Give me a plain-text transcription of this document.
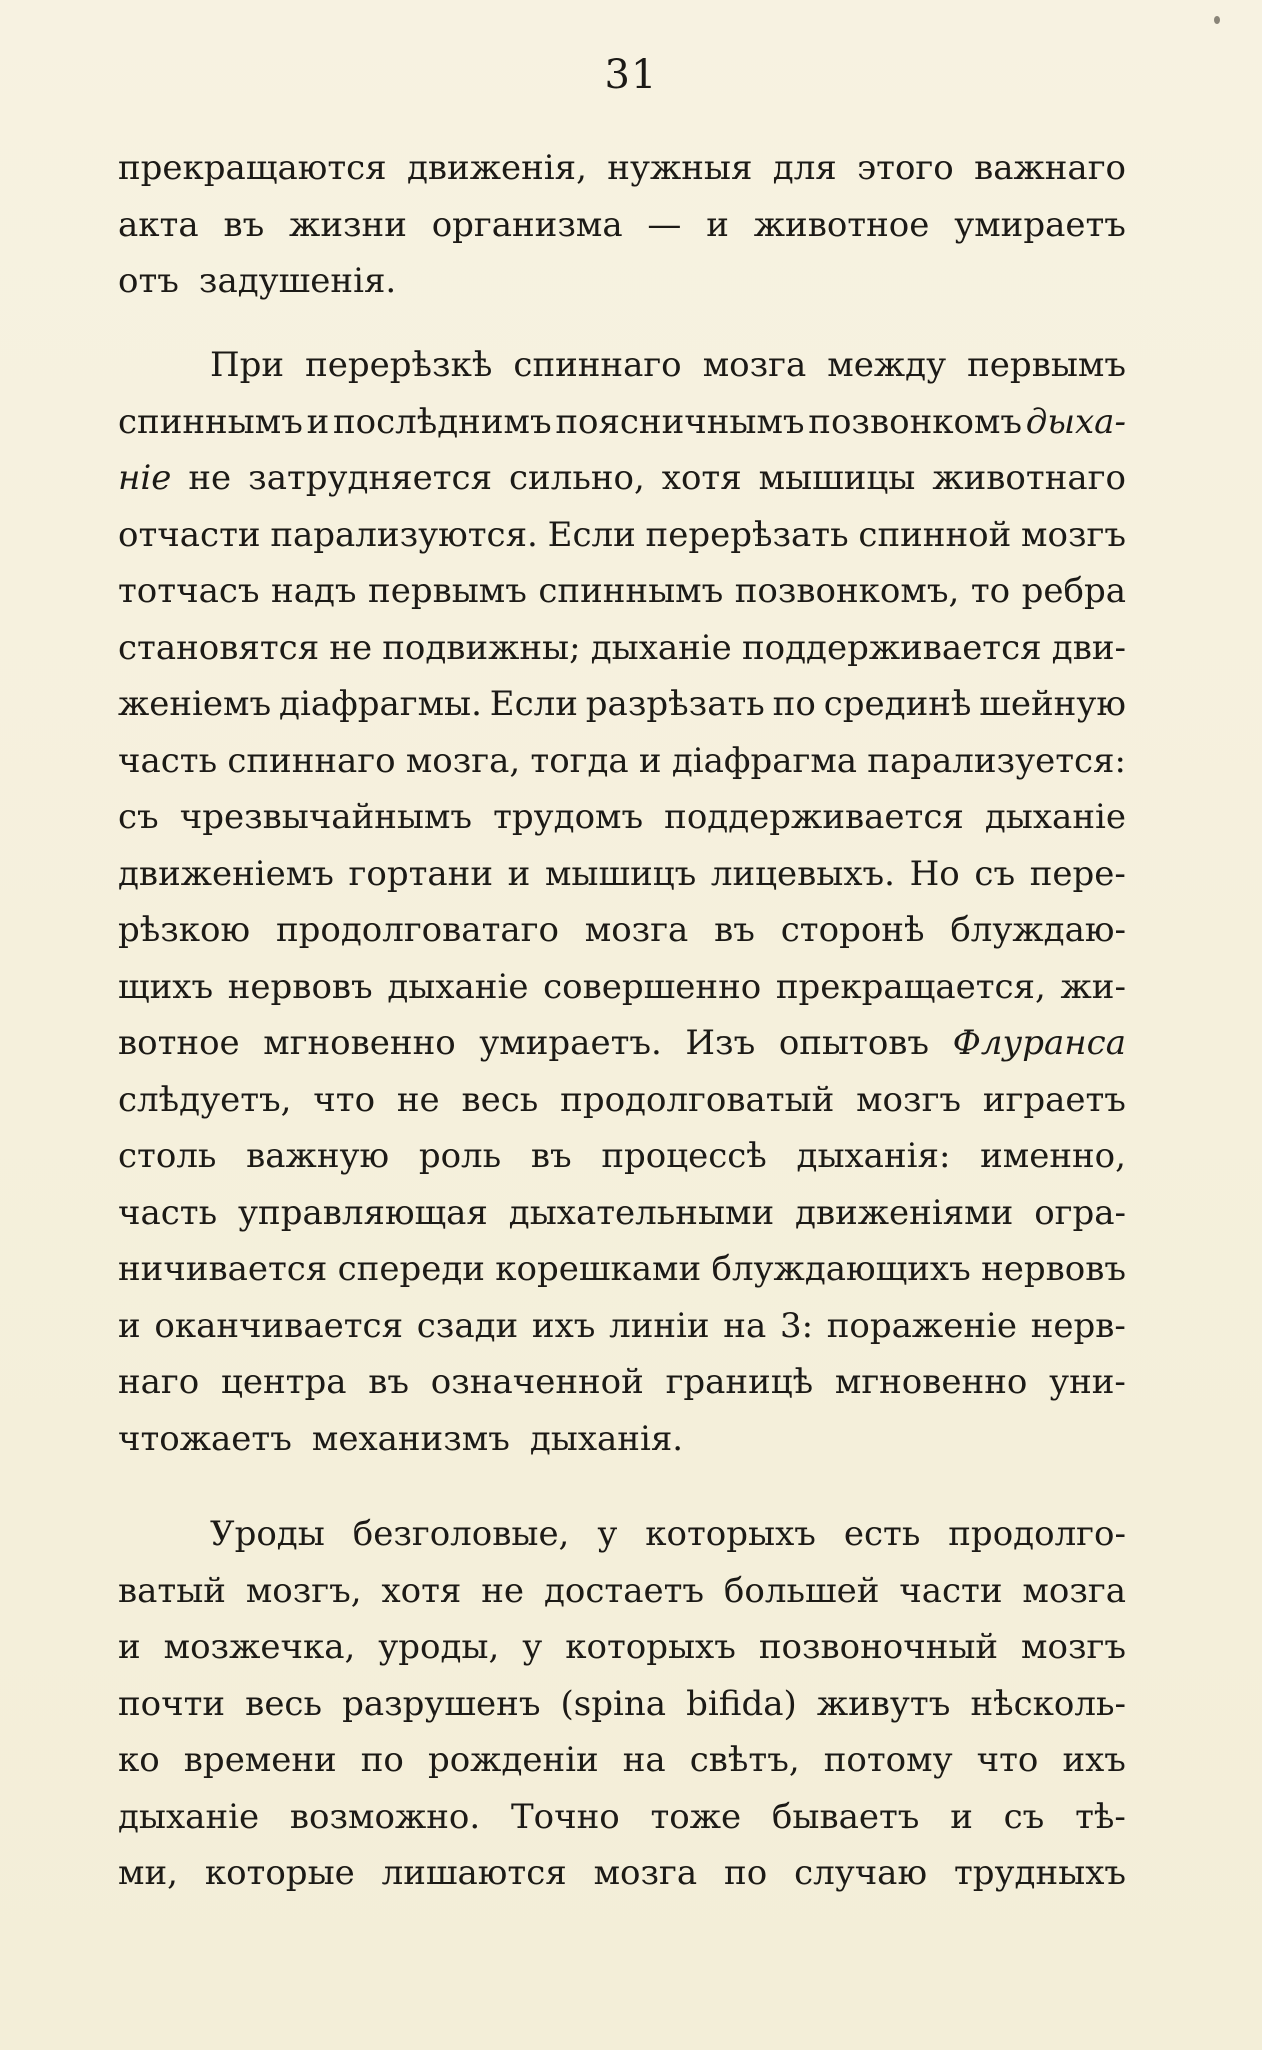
31
прекращаются движенія, нужныя для этого важнаго
акта въ жизни организма — и животное умираетъ
отъ задушенія.
При перерѣзкѣ спиннаго мозга между первымъ
спиннымъ и послѣднимъ поясничнымъ позвонкомъ дыха-
ніе не затрудняется сильно, хотя мышицы животнаго
отчасти парализуются. Если перерѣзать спинной мозгъ
тотчасъ надъ первымъ спиннымъ позвонкомъ, то ребра
становятся не подвижны; дыханіе поддерживается дви-
женіемъ діафрагмы. Если разрѣзать по срединѣ шейную
часть спиннаго мозга, тогда и діафрагма парализуется:
съ чрезвычайнымъ трудомъ поддерживается дыханіе
движеніемъ гортани и мышицъ лицевыхъ. Но съ пере-
рѣзкою продолговатаго мозга въ сторонѣ блуждаю-
щихъ нервовъ дыханіе совершенно прекращается, жи-
вотное мгновенно умираетъ. Изъ опытовъ Флуранса
слѣдуетъ, что не весь продолговатый мозгъ играетъ
столь важную роль въ процессѣ дыханія: именно,
часть управляющая дыхательными движеніями огра-
ничивается спереди корешками блуждающихъ нервовъ
и оканчивается сзади ихъ линіи на 3: пораженіе нерв-
наго центра въ означенной границѣ мгновенно уни-
чтожаетъ механизмъ дыханія.
Уроды безголовые, у которыхъ есть продолго-
ватый мозгъ, хотя не достаетъ большей части мозга
и мозжечка, уроды, у которыхъ позвоночный мозгъ
почти весь разрушенъ (spina bifida) живутъ нѣсколь-
ко времени по рожденіи на свѣтъ, потому что ихъ
дыханіе возможно. Точно тоже бываетъ и съ тѣ-
ми, которые лишаются мозга по случаю трудныхъ
